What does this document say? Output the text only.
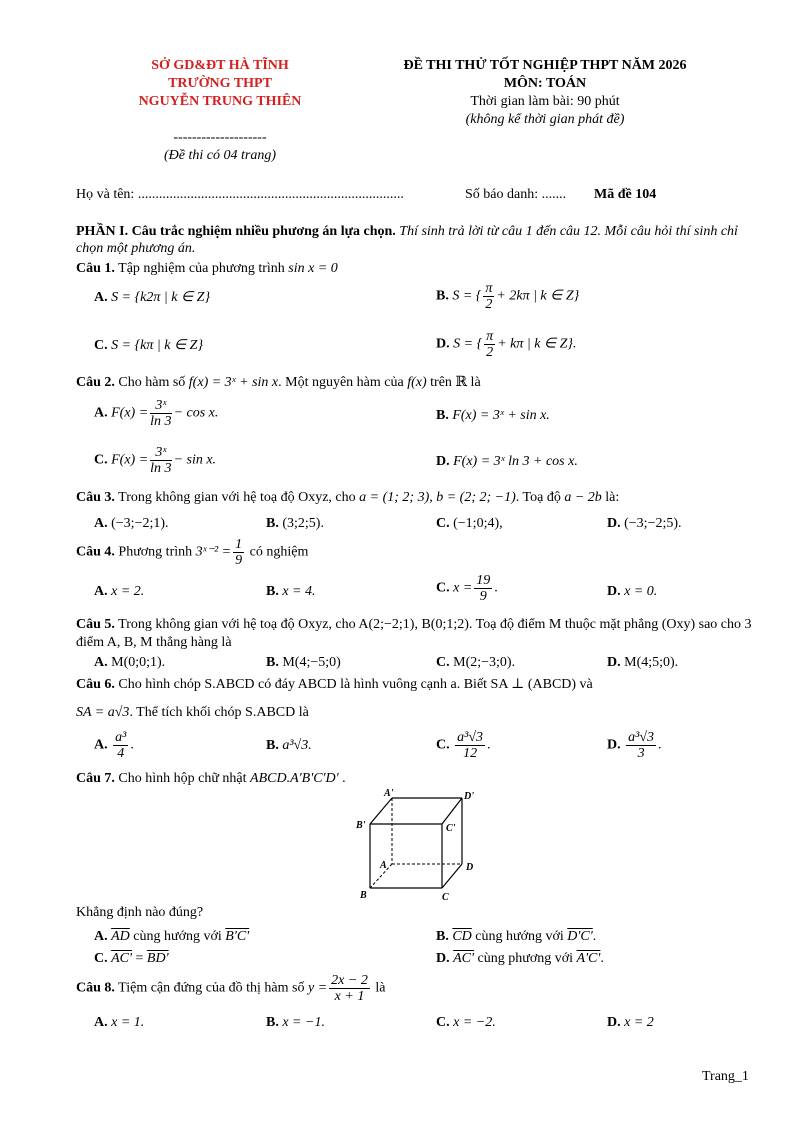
SỞ GD&ĐT HÀ TĨNH
TRƯỜNG THPT
NGUYỄN TRUNG THIÊN
--------------------
(Đề thi có 04 trang)
ĐỀ THI THỬ TỐT NGHIỆP THPT NĂM 2026
MÔN: TOÁN
Thời gian làm bài: 90 phút
(không kể thời gian phát đề)
Họ và tên: ............................................................................	Số báo danh: ....... Mã đề 104
PHẦN I. Câu trắc nghiệm nhiều phương án lựa chọn. Thí sinh trả lời từ câu 1 đến câu 12. Mỗi câu hỏi thí sinh chỉ chọn một phương án.
Câu 1. Tập nghiệm của phương trình sin x = 0
A. S = {k2π | k ∈ Z}	B. S = { $\frac{\pi}{2} + 2k\pi$ | k ∈ Z}
C. S = {kπ | k ∈ Z}	D. S = { $\frac{\pi}{2} + k\pi$ | k ∈ Z}.
Câu 2. Cho hàm số f(x) = 3ˣ + sin x. Một nguyên hàm của f(x) trên ℝ là
A. $F(x) = \frac{\text{3ˣ}}{\ln 3} - \cos x$.	B. F(x) = 3ˣ + sin x.
C. $F(x) = \frac{\text{3ˣ}}{\ln 3} - \sin x$.	D. F(x) = 3ˣ ln 3 + cos x.
Câu 3. Trong không gian với hệ toạ độ Oxyz, cho a = (1; 2; 3), b = (2; 2; −1). Toạ độ a − 2b là:
A. (−3;−2;1).	B. (3;2;5).	C. (−1;0;4),	D. (−3;−2;5).
Câu 4. Phương trình 3ˣ⁻² = $\frac{1}{9}$ có nghiệm
A. x = 2.	B. x = 4.	C. $x = \frac{19}{9}$ .	D. x = 0.
Câu 5. Trong không gian với hệ toạ độ Oxyz, cho A(2;−2;1), B(0;1;2). Toạ độ điểm M thuộc mặt phẳng (Oxy) sao cho 3 điểm A, B, M thẳng hàng là
A. M(0;0;1).	B. M(4;−5;0)	C. M(2;−3;0).	D. M(4;5;0).
Câu 6. Cho hình chóp S.ABCD có đáy ABCD là hình vuông cạnh a. Biết SA ⊥ (ABCD) và
SA = a√3. Thể tích khối chóp S.ABCD là
A. $\frac{\text{a³}}{4}$ .	B. a³√3.	C. $\frac{\text{a³√3}}{12}$ .	D. $\frac{\text{a³√3}}{3}$ .
Câu 7. Cho hình hộp chữ nhật ABCD.A'B'C'D' .
A'	D'
B'	C'
A	D
B	C
Khẳng định nào đúng?
A. $\overline{AD}$ cùng hướng với B'C'	B. $\overline{CD}$ cùng hướng với D'C'.
C. AC' = BD'	D. AC' cùng phương với A'C'.
Câu 8. Tiệm cận đứng của đồ thị hàm số $y = \frac{2x - 2}{x + 1}$ là
A. x = 1.	B. x = −1.	C. x = −2.	D. x = 2
Trang_1
